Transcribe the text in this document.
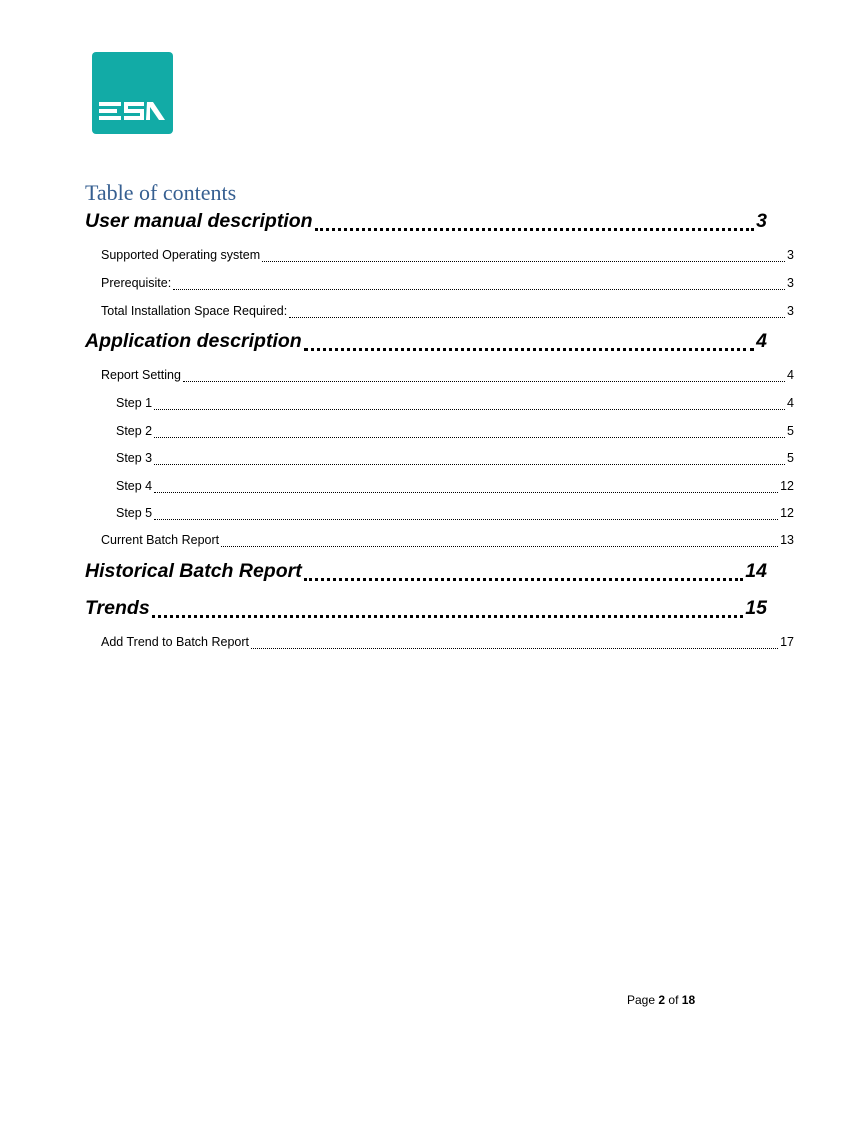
Table of contents
User manual description	3
Supported Operating system	3
Prerequisite:	3
Total Installation Space Required:	3
Application description	4
Report Setting	4
Step 1	4
Step 2	5
Step 3	5
Step 4	12
Step 5	12
Current Batch Report	13
Historical Batch Report	14
Trends	15
Add Trend to Batch Report	17
Page 2 of 18
